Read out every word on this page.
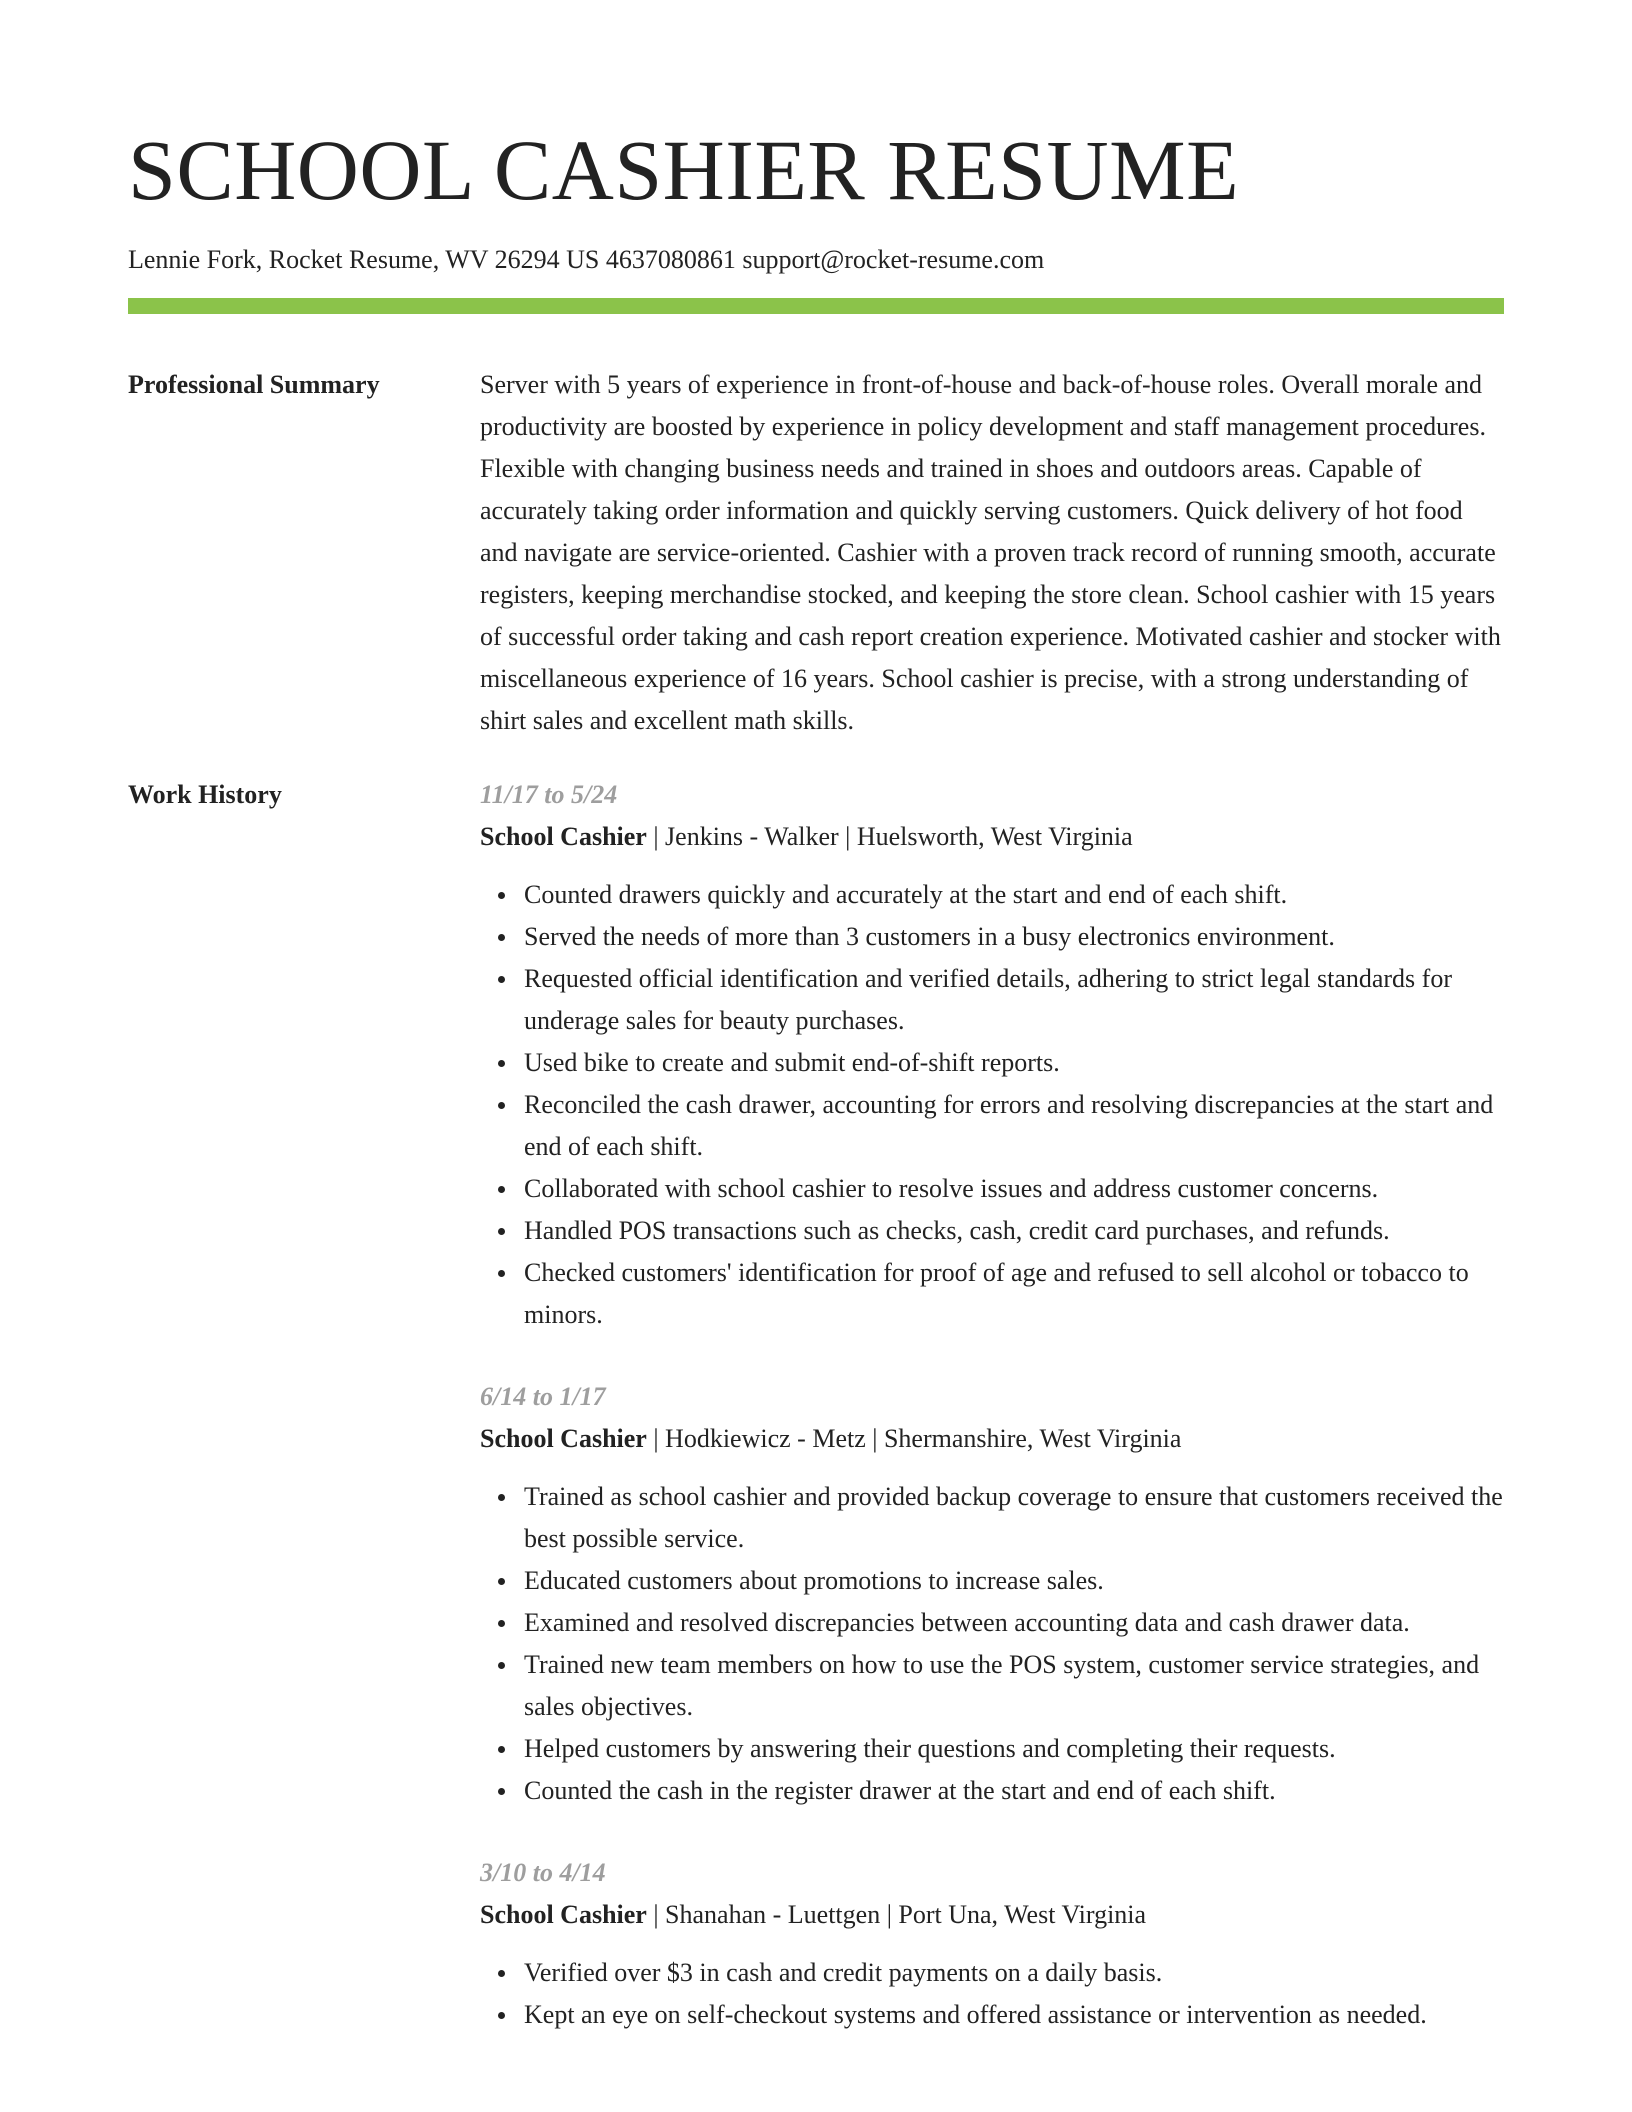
SCHOOL CASHIER RESUME
Lennie Fork, Rocket Resume, WV 26294 US 4637080861 support@rocket-resume.com
Professional Summary	Server with 5 years of experience in front-of-house and back-of-house roles. Overall morale and productivity are boosted by experience in policy development and staff management procedures. Flexible with changing business needs and trained in shoes and outdoors areas. Capable of accurately taking order information and quickly serving customers. Quick delivery of hot food and navigate are service-oriented. Cashier with a proven track record of running smooth, accurate registers, keeping merchandise stocked, and keeping the store clean. School cashier with 15 years of successful order taking and cash report creation experience. Motivated cashier and stocker with miscellaneous experience of 16 years. School cashier is precise, with a strong understanding of shirt sales and excellent math skills.

Work History	11/17 to 5/24
School Cashier | Jenkins - Walker | Huelsworth, West Virginia
Counted drawers quickly and accurately at the start and end of each shift.
Served the needs of more than 3 customers in a busy electronics environment.
Requested official identification and verified details, adhering to strict legal standards for underage sales for beauty purchases.
Used bike to create and submit end-of-shift reports.
Reconciled the cash drawer, accounting for errors and resolving discrepancies at the start and end of each shift.
Collaborated with school cashier to resolve issues and address customer concerns.
Handled POS transactions such as checks, cash, credit card purchases, and refunds.
Checked customers' identification for proof of age and refused to sell alcohol or tobacco to minors.
6/14 to 1/17
School Cashier | Hodkiewicz - Metz | Shermanshire, West Virginia
Trained as school cashier and provided backup coverage to ensure that customers received the best possible service.
Educated customers about promotions to increase sales.
Examined and resolved discrepancies between accounting data and cash drawer data.
Trained new team members on how to use the POS system, customer service strategies, and sales objectives.
Helped customers by answering their questions and completing their requests.
Counted the cash in the register drawer at the start and end of each shift.
3/10 to 4/14
School Cashier | Shanahan - Luettgen | Port Una, West Virginia
Verified over $3 in cash and credit payments on a daily basis.
Kept an eye on self-checkout systems and offered assistance or intervention as needed.
